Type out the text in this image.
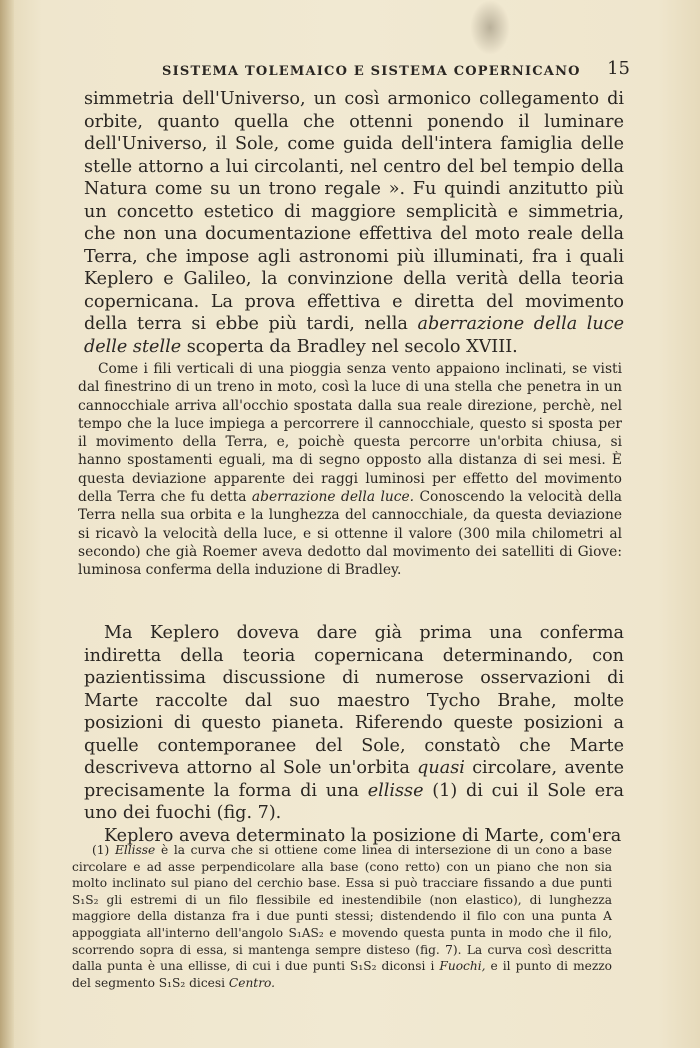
SISTEMA TOLEMAICO E SISTEMA COPERNICANO 15

simmetria dell'Universo, un così armonico collegamento di orbite, quanto quella che ottenni ponendo il luminare dell'Universo, il Sole, come guida dell'intera famiglia delle stelle attorno a lui circolanti, nel centro del bel tempio della Natura come su un trono regale ». Fu quindi anzitutto più un concetto estetico di maggiore semplicità e simmetria, che non una documentazione effettiva del moto reale della Terra, che impose agli astronomi più illuminati, fra i quali Keplero e Galileo, la convinzione della verità della teoria copernicana. La prova effettiva e diretta del movimento della terra si ebbe più tardi, nella aberrazione della luce delle stelle scoperta da Bradley nel secolo XVIII.

Come i fili verticali di una pioggia senza vento appaiono inclinati, se visti dal finestrino di un treno in moto, così la luce di una stella che penetra in un cannocchiale arriva all'occhio spostata dalla sua reale direzione, perchè, nel tempo che la luce impiega a percorrere il cannocchiale, questo si sposta per il movimento della Terra, e, poichè questa percorre un'orbita chiusa, si hanno spostamenti eguali, ma di segno opposto alla distanza di sei mesi. È questa deviazione apparente dei raggi luminosi per effetto del movimento della Terra che fu detta aberrazione della luce. Conoscendo la velocità della Terra nella sua orbita e la lunghezza del cannocchiale, da questa deviazione si ricavò la velocità della luce, e si ottenne il valore (300 mila chilometri al secondo) che già Roemer aveva dedotto dal movimento dei satelliti di Giove: luminosa conferma della induzione di Bradley.

Ma Keplero doveva dare già prima una conferma indiretta della teoria copernicana determinando, con pazientissima discussione di numerose osservazioni di Marte raccolte dal suo maestro Tycho Brahe, molte posizioni di questo pianeta. Riferendo queste posizioni a quelle contemporanee del Sole, constatò che Marte descriveva attorno al Sole un'orbita quasi circolare, avente precisamente la forma di una ellisse (1) di cui il Sole era uno dei fuochi (fig. 7).

Keplero aveva determinato la posizione di Marte, com'era

(1) Ellisse è la curva che si ottiene come linea di intersezione di un cono a base circolare e ad asse perpendicolare alla base (cono retto) con un piano che non sia molto inclinato sul piano del cerchio base. Essa si può tracciare fissando a due punti S₁S₂ gli estremi di un filo flessibile ed inestendibile (non elastico), di lunghezza maggiore della distanza fra i due punti stessi; distendendo il filo con una punta A appoggiata all'interno dell'angolo S₁AS₂ e movendo questa punta in modo che il filo, scorrendo sopra di essa, si mantenga sempre disteso (fig. 7). La curva così descritta dalla punta è una ellisse, di cui i due punti S₁S₂ diconsi i Fuochi, e il punto di mezzo del segmento S₁S₂ dicesi Centro.
